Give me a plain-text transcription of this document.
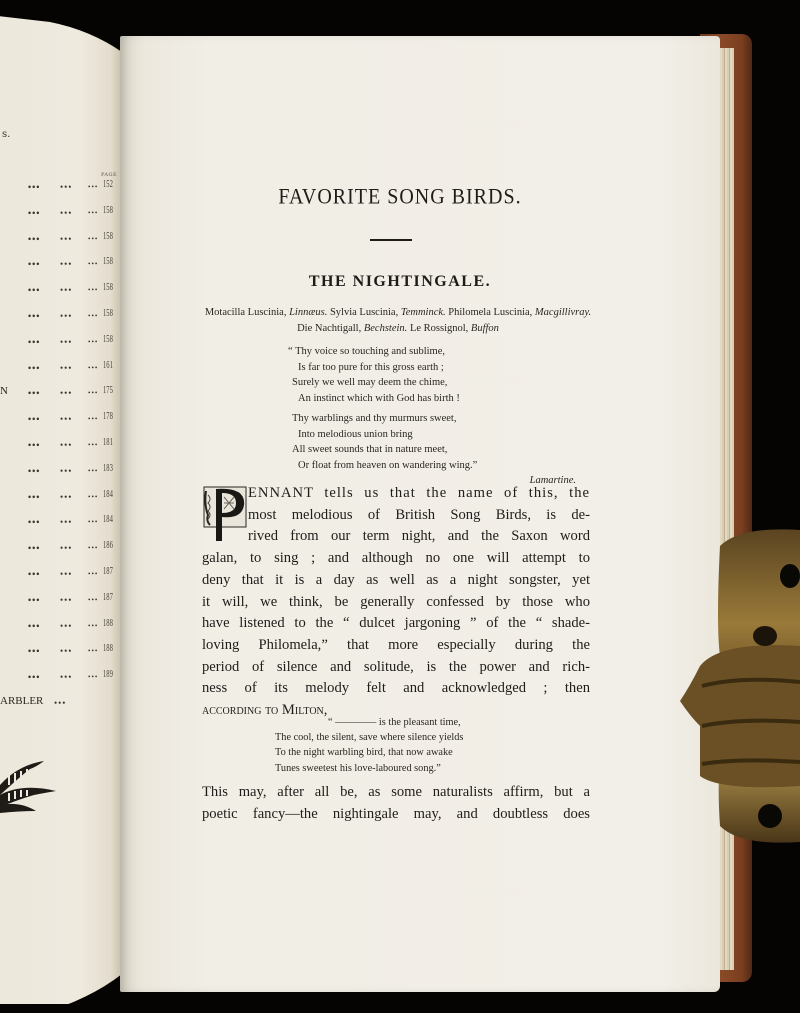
s.
PAGE
••• ••• ••• 152
••• ••• ••• 158
••• ••• ••• 158
••• ••• ••• 158
••• ••• ••• 158
••• ••• ••• 158
••• ••• ••• 158
••• ••• ••• 161
N ••• ••• ••• 175
••• ••• ••• 178
••• ••• ••• 181
••• ••• ••• 183
••• ••• ••• 184
••• ••• ••• 184
••• ••• ••• 186
••• ••• ••• 187
••• ••• ••• 187
••• ••• ••• 188
••• ••• ••• 188
••• ••• ••• 189
ARBLER •••
FAVORITE SONG BIRDS.
THE NIGHTINGALE.
Motacilla Luscinia, Linnæus. Sylvia Luscinia, Temminck. Philomela Luscinia, Macgillivray. Die Nachtigall, Bechstein. Le Rossignol, Buffon
“ Thy voice so touching and sublime,
Is far too pure for this gross earth ;
Surely we well may deem the chime,
An instinct which with God has birth !
Thy warblings and thy murmurs sweet,
Into melodious union bring
All sweet sounds that in nature meet,
Or float from heaven on wandering wing.”
Lamartine.
ENNANT tells us that the name of this, the
most melodious of British Song Birds, is de-
rived from our term night, and the Saxon word
galan, to sing ; and although no one will attempt to
deny that it is a day as well as a night songster, yet
it will, we think, be generally confessed by those who
have listened to the “ dulcet jargoning ” of the “ shade-
loving Philomela,” that more especially during the
period of silence and solitude, is the power and rich-
ness of its melody felt and acknowledged ; then
according to Milton,
“ ———— is the pleasant time,
The cool, the silent, save where silence yields
To the night warbling bird, that now awake
Tunes sweetest his love-laboured song.”
This may, after all be, as some naturalists affirm, but a
poetic fancy—the nightingale may, and doubtless does
